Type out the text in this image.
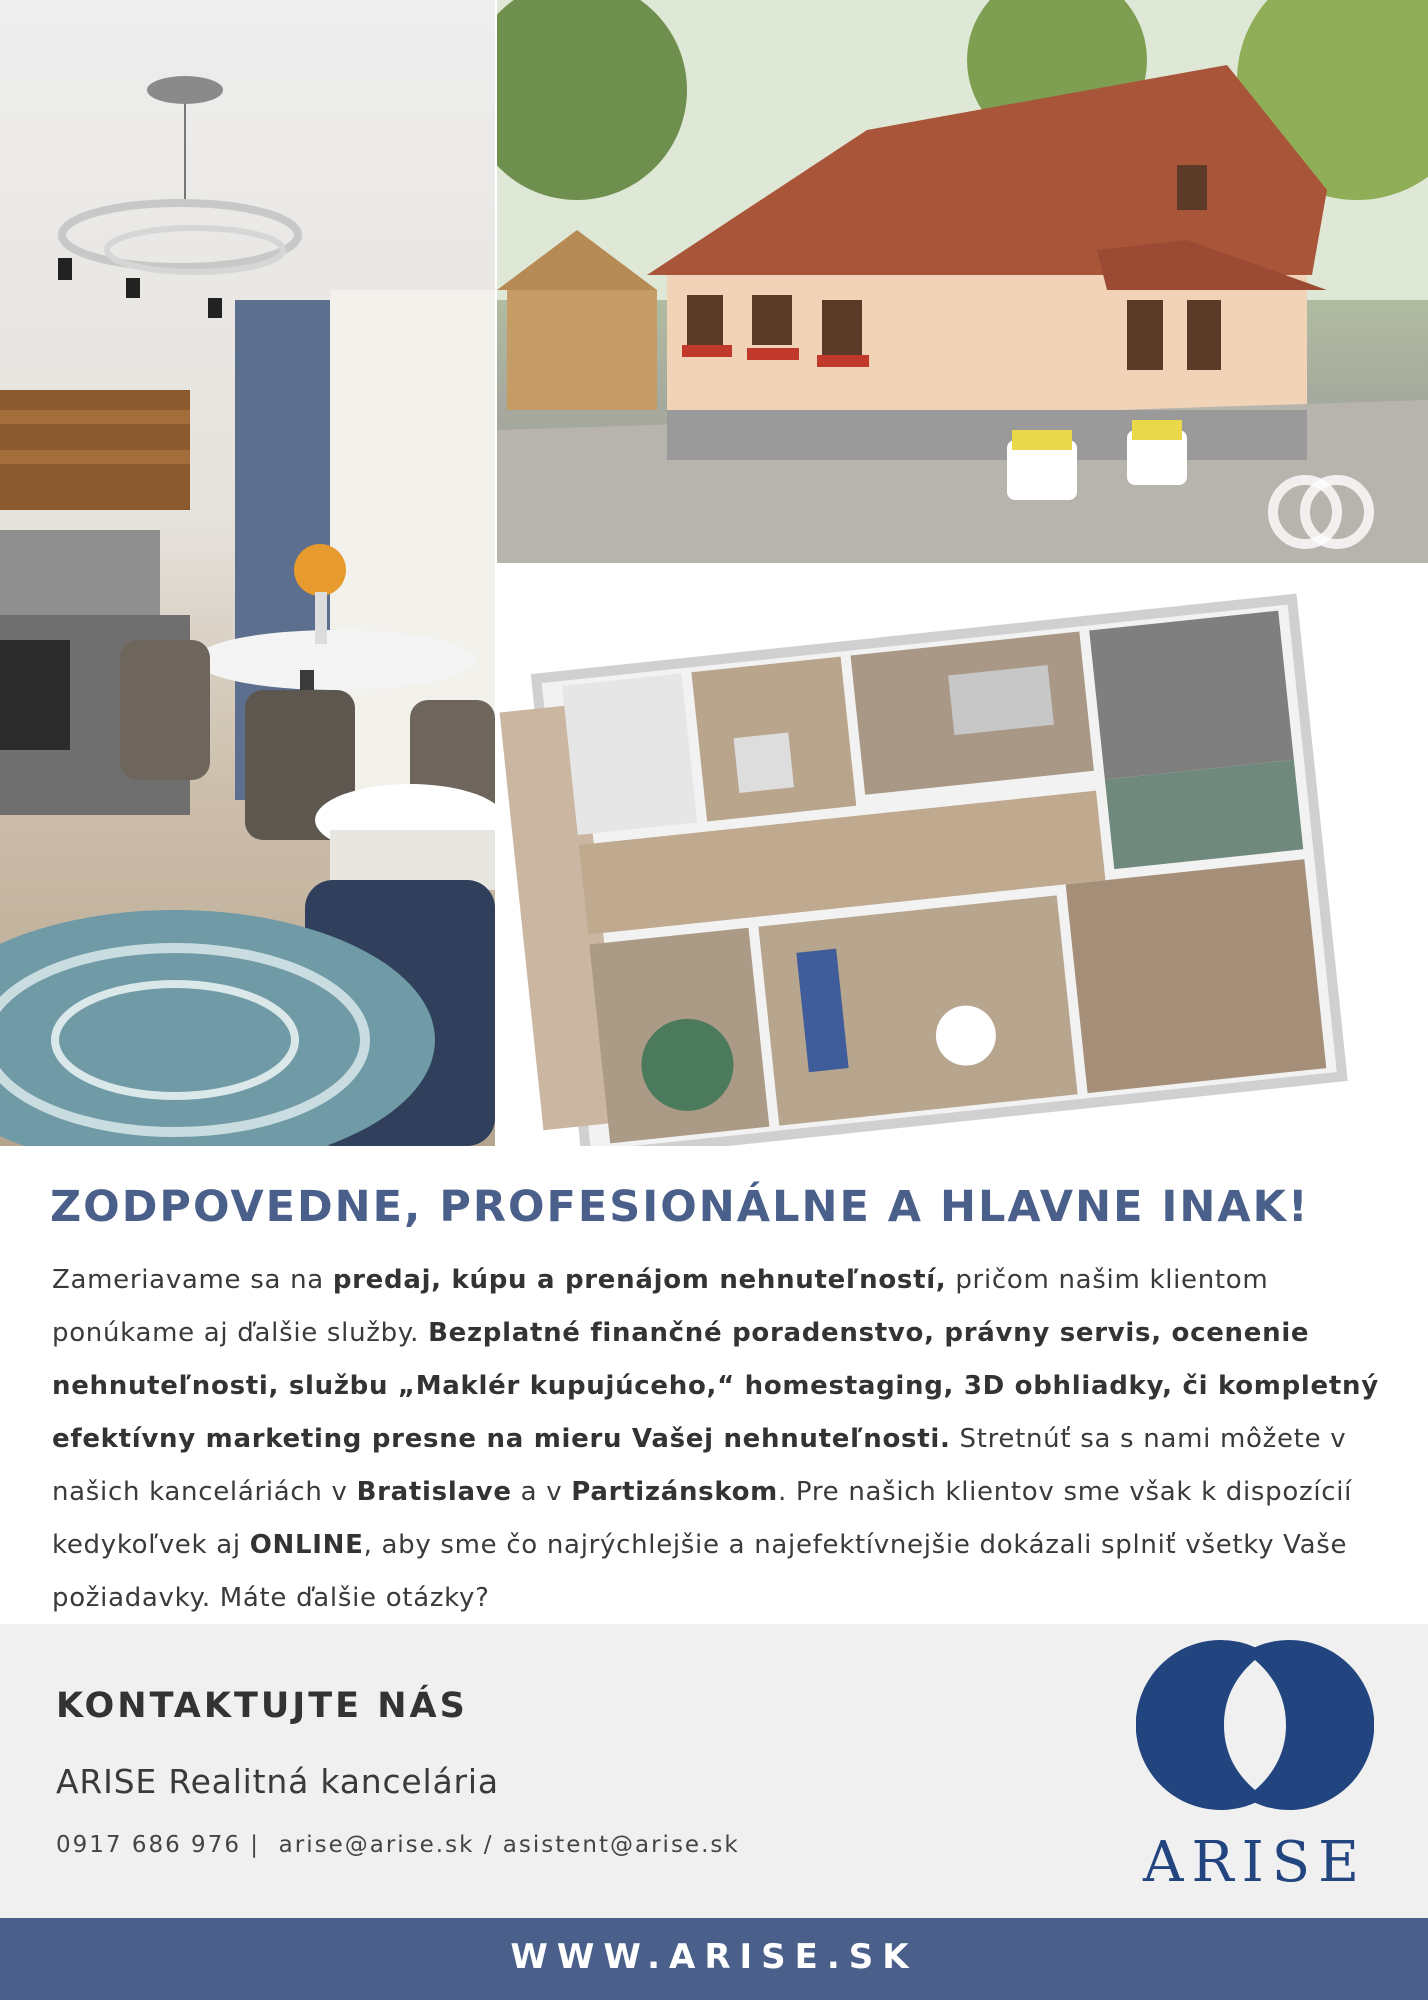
ZODPOVEDNE, PROFESIONÁLNE A HLAVNE INAK!

Zameriavame sa na predaj, kúpu a prenájom nehnuteľností, pričom našim klientom ponúkame aj ďalšie služby. Bezplatné finančné poradenstvo, právny servis, ocenenie nehnuteľnosti, službu „Maklér kupujúceho,“ homestaging, 3D obhliadky, či kompletný efektívny marketing presne na mieru Vašej nehnuteľnosti. Stretnúť sa s nami môžete v našich kanceláriách v Bratislave a v Partizánskom. Pre našich klientov sme však k dispozícií kedykoľvek aj ONLINE, aby sme čo najrýchlejšie a najefektívnejšie dokázali splniť všetky Vaše požiadavky. Máte ďalšie otázky?

KONTAKTUJTE NÁS

ARISE Realitná kancelária

0917 686 976 |  arise@arise.sk / asistent@arise.sk	ARISE

WWW.ARISE.SK
